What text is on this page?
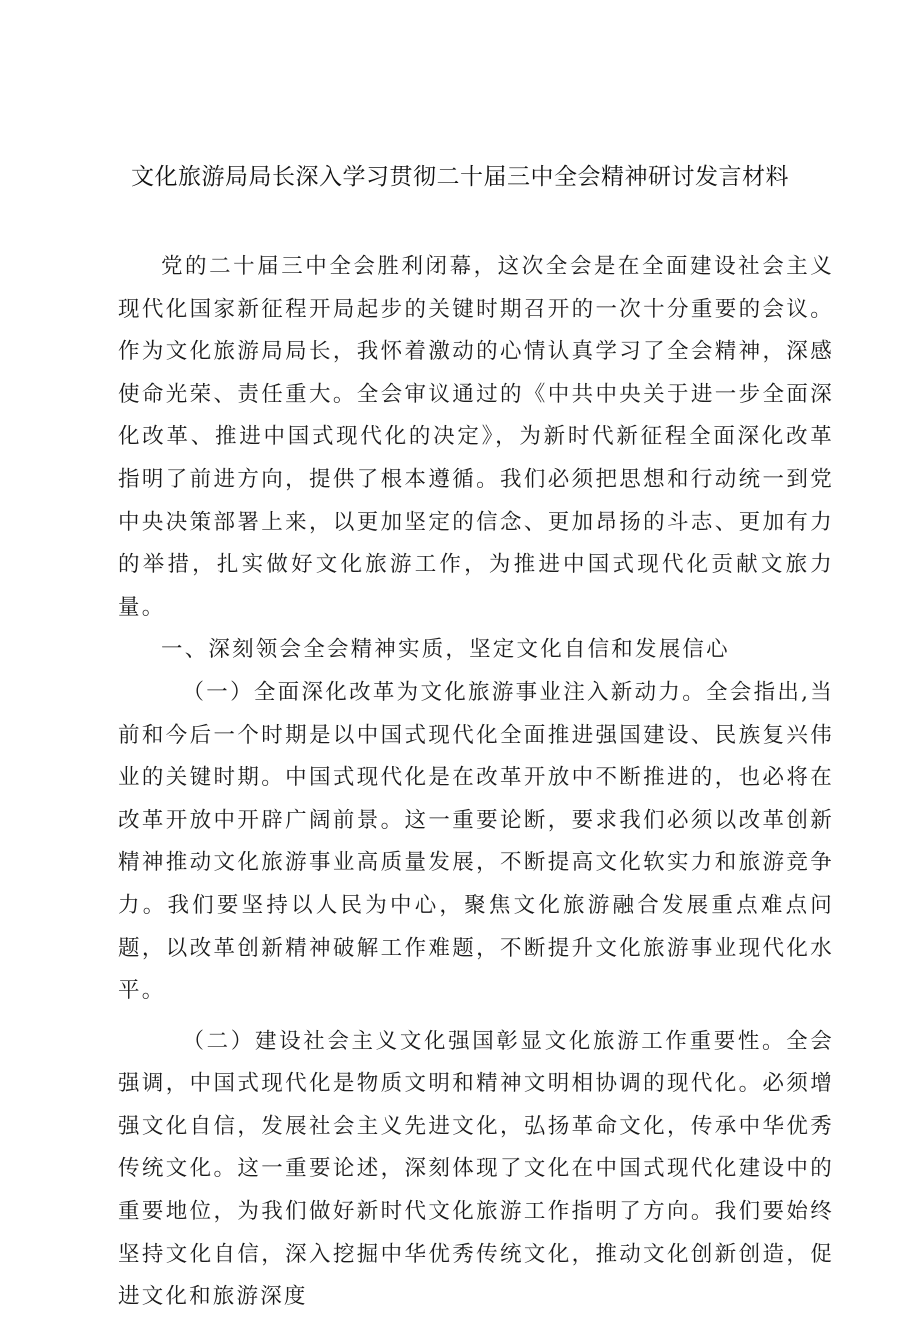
文化旅游局局长深入学习贯彻二十届三中全会精神研讨发言材料

党的二十届三中全会胜利闭幕，这次全会是在全面建设社会主义现代化国家新征程开局起步的关键时期召开的一次十分重要的会议。作为文化旅游局局长，我怀着激动的心情认真学习了全会精神，深感使命光荣、责任重大。全会审议通过的《中共中央关于进一步全面深化改革、推进中国式现代化的决定》，为新时代新征程全面深化改革指明了前进方向，提供了根本遵循。我们必须把思想和行动统一到党中央决策部署上来，以更加坚定的信念、更加昂扬的斗志、更加有力的举措，扎实做好文化旅游工作，为推进中国式现代化贡献文旅力量。

一、深刻领会全会精神实质，坚定文化自信和发展信心

（一）全面深化改革为文化旅游事业注入新动力。全会指出,当前和今后一个时期是以中国式现代化全面推进强国建设、民族复兴伟业的关键时期。中国式现代化是在改革开放中不断推进的，也必将在改革开放中开辟广阔前景。这一重要论断，要求我们必须以改革创新精神推动文化旅游事业高质量发展，不断提高文化软实力和旅游竞争力。我们要坚持以人民为中心，聚焦文化旅游融合发展重点难点问题，以改革创新精神破解工作难题，不断提升文化旅游事业现代化水平。

（二）建设社会主义文化强国彰显文化旅游工作重要性。全会强调，中国式现代化是物质文明和精神文明相协调的现代化。必须增强文化自信，发展社会主义先进文化，弘扬革命文化，传承中华优秀传统文化。这一重要论述，深刻体现了文化在中国式现代化建设中的重要地位，为我们做好新时代文化旅游工作指明了方向。我们要始终坚持文化自信，深入挖掘中华优秀传统文化，推动文化创新创造，促进文化和旅游深度
